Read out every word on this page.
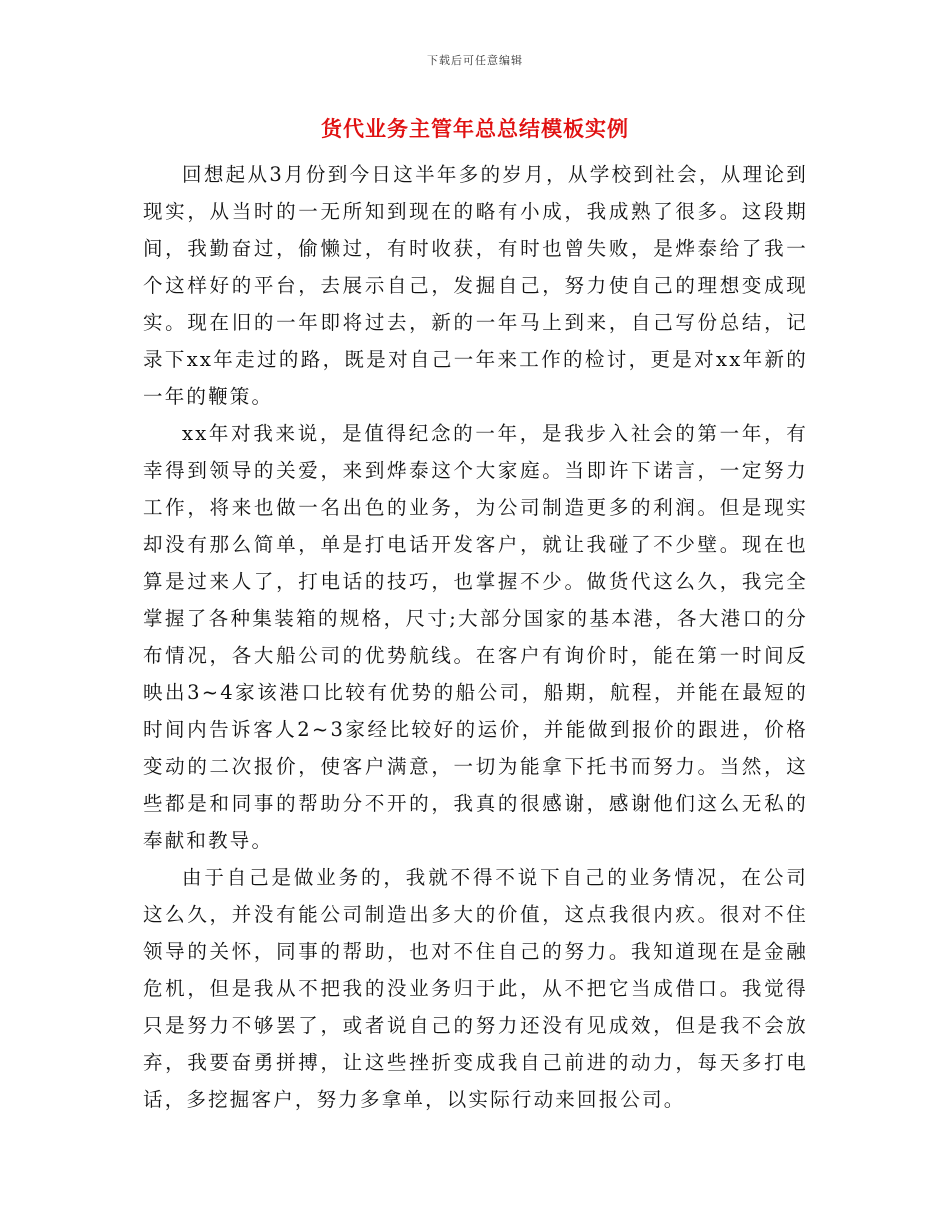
下载后可任意编辑
货代业务主管年总总结模板实例

回想起从3月份到今日这半年多的岁月，从学校到社会，从理论到现实，从当时的一无所知到现在的略有小成，我成熟了很多。这段期间，我勤奋过，偷懒过，有时收获，有时也曾失败，是烨泰给了我一个这样好的平台，去展示自己，发掘自己，努力使自己的理想变成现实。现在旧的一年即将过去，新的一年马上到来，自己写份总结，记录下xx年走过的路，既是对自己一年来工作的检讨，更是对xx年新的一年的鞭策。

xx年对我来说，是值得纪念的一年，是我步入社会的第一年，有幸得到领导的关爱，来到烨泰这个大家庭。当即许下诺言，一定努力工作，将来也做一名出色的业务，为公司制造更多的利润。但是现实却没有那么简单，单是打电话开发客户，就让我碰了不少壁。现在也算是过来人了，打电话的技巧，也掌握不少。做货代这么久，我完全掌握了各种集装箱的规格，尺寸;大部分国家的基本港，各大港口的分布情况，各大船公司的优势航线。在客户有询价时，能在第一时间反映出3~4家该港口比较有优势的船公司，船期，航程，并能在最短的时间内告诉客人2~3家经比较好的运价，并能做到报价的跟进，价格变动的二次报价，使客户满意，一切为能拿下托书而努力。当然，这些都是和同事的帮助分不开的，我真的很感谢，感谢他们这么无私的奉献和教导。

由于自己是做业务的，我就不得不说下自己的业务情况，在公司这么久，并没有能公司制造出多大的价值，这点我很内疚。很对不住领导的关怀，同事的帮助，也对不住自己的努力。我知道现在是金融危机，但是我从不把我的没业务归于此，从不把它当成借口。我觉得只是努力不够罢了，或者说自己的努力还没有见成效，但是我不会放弃，我要奋勇拼搏，让这些挫折变成我自己前进的动力，每天多打电话，多挖掘客户，努力多拿单，以实际行动来回报公司。
